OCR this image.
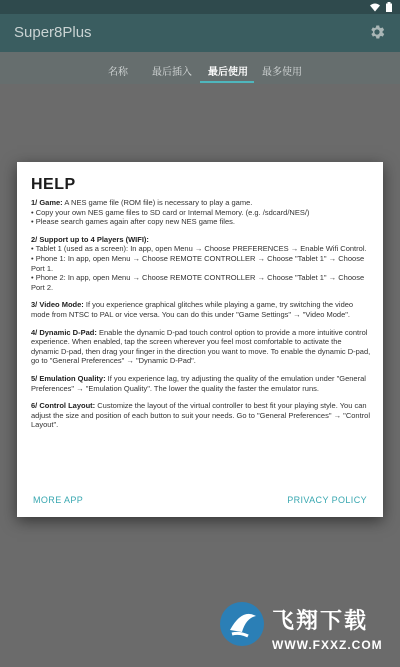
Super8Plus
名称 最后插入 最后使用 最多使用
HELP

1/ Game: A NES game file (ROM file) is necessary to play a game.

• Copy your own NES game files to SD card or Internal Memory. (e.g. /sdcard/NES/)

• Please search games again after copy new NES game files.

2/ Support up to 4 Players (WIFI):

• Tablet 1 (used as a screen): In app, open Menu → Choose PREFERENCES → Enable Wifi Control.

• Phone 1: In app, open Menu → Choose REMOTE CONTROLLER → Choose "Tablet 1" → Choose Port 1.

• Phone 2: In app, open Menu → Choose REMOTE CONTROLLER → Choose "Tablet 1" → Choose Port 2.

3/ Video Mode: If you experience graphical glitches while playing a game, try switching the video mode from NTSC to PAL or vice versa. You can do this under "Game Settings" → "Video Mode".

4/ Dynamic D-Pad: Enable the dynamic D-pad touch control option to provide a more intuitive control experience. When enabled, tap the screen wherever you feel most comfortable to activate the dynamic D-pad, then drag your finger in the direction you want to move. To enable the dynamic D-pad, go to "General Preferences" → "Dynamic D-Pad".

5/ Emulation Quality: If you experience lag, try adjusting the quality of the emulation under "General Preferences" → "Emulation Quality". The lower the quality the faster the emulator runs.

6/ Control Layout: Customize the layout of the virtual controller to best fit your playing style. You can adjust the size and position of each button to suit your needs. Go to "General Preferences" → "Control Layout".

MORE APP	PRIVACY POLICY
飞翔下载
WWW.FXXZ.COM
